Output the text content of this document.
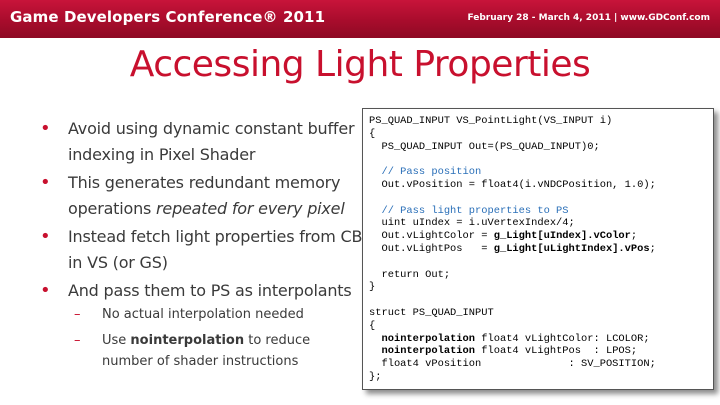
Game Developers Conference® 2011	February 28 - March 4, 2011 | www.GDConf.com
Accessing Light Properties
• Avoid using dynamic constant buffer indexing in Pixel Shader
• This generates redundant memory operations repeated for every pixel
• Instead fetch light properties from CB in VS (or GS)
• And pass them to PS as interpolants
– No actual interpolation needed
– Use nointerpolation to reduce number of shader instructions
PS_QUAD_INPUT VS_PointLight(VS_INPUT i)
{
PS_QUAD_INPUT Out=(PS_QUAD_INPUT)0;

// Pass position
Out.vPosition = float4(i.vNDCPosition, 1.0);

// Pass light properties to PS
uint uIndex = i.uVertexIndex/4;
Out.vLightColor = g_Light[uIndex].vColor;
Out.vLightPos   = g_Light[uLightIndex].vPos;

return Out;
}

struct PS_QUAD_INPUT
{
nointerpolation float4 vLightColor: LCOLOR;
nointerpolation float4 vLightPos  : LPOS;
float4 vPosition              : SV_POSITION;
};
